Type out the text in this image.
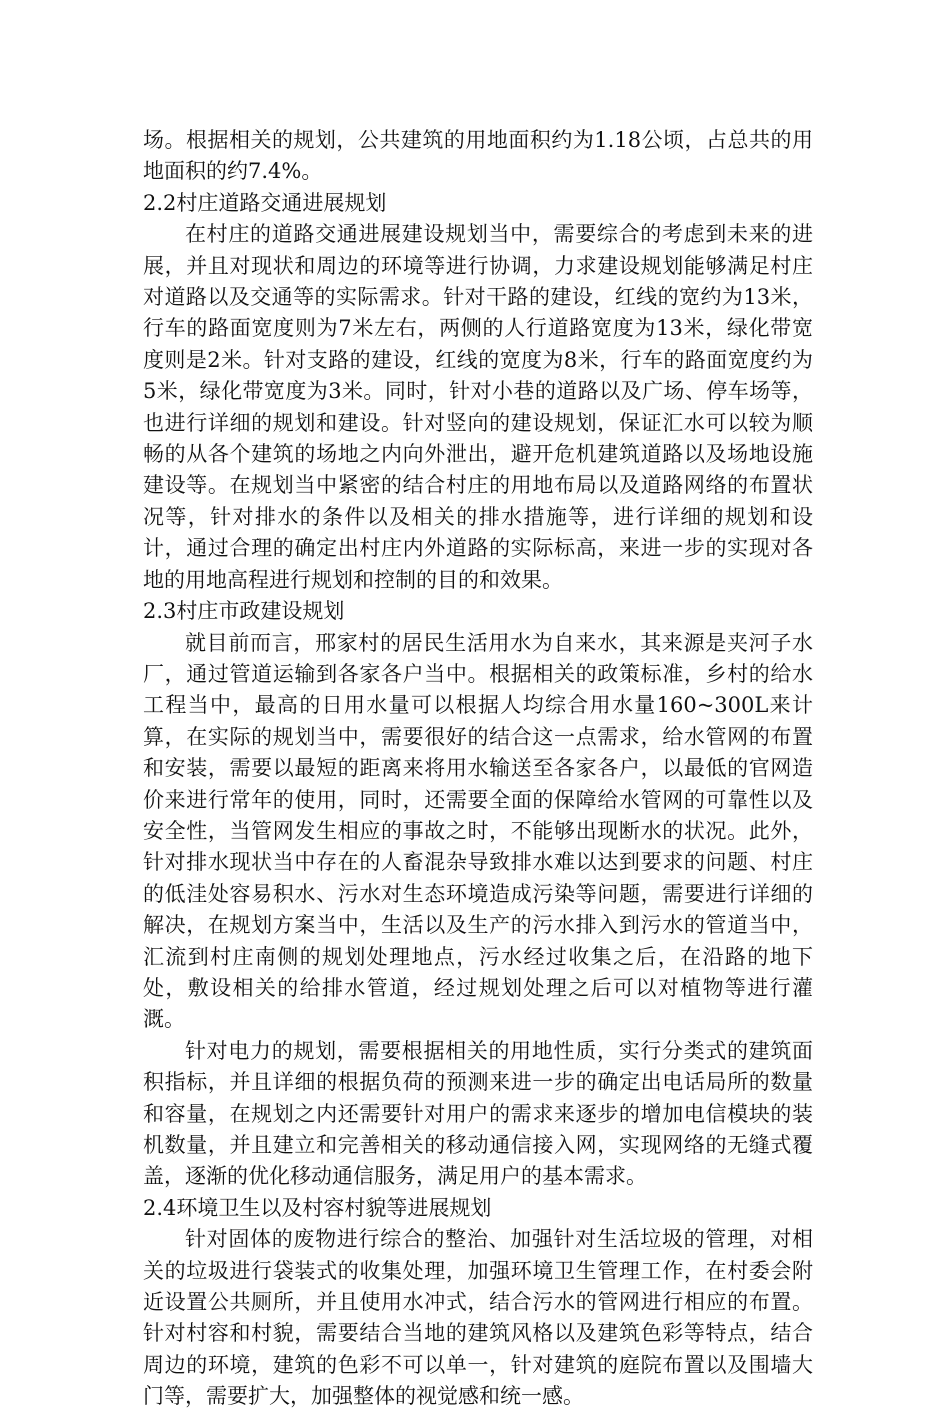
场。根据相关的规划，公共建筑的用地面积约为1.18公顷，占总共的用地面积的约7.4%。

2.2村庄道路交通进展规划

在村庄的道路交通进展建设规划当中，需要综合的考虑到未来的进展，并且对现状和周边的环境等进行协调，力求建设规划能够满足村庄对道路以及交通等的实际需求。针对干路的建设，红线的宽约为13米，行车的路面宽度则为7米左右，两侧的人行道路宽度为13米，绿化带宽度则是2米。针对支路的建设，红线的宽度为8米，行车的路面宽度约为5米，绿化带宽度为3米。同时，针对小巷的道路以及广场、停车场等，也进行详细的规划和建设。针对竖向的建设规划，保证汇水可以较为顺畅的从各个建筑的场地之内向外泄出，避开危机建筑道路以及场地设施建设等。在规划当中紧密的结合村庄的用地布局以及道路网络的布置状况等，针对排水的条件以及相关的排水措施等，进行详细的规划和设计，通过合理的确定出村庄内外道路的实际标高，来进一步的实现对各地的用地高程进行规划和控制的目的和效果。

2.3村庄市政建设规划

就目前而言，邢家村的居民生活用水为自来水，其来源是夹河子水厂，通过管道运输到各家各户当中。根据相关的政策标准，乡村的给水工程当中，最高的日用水量可以根据人均综合用水量160~300L来计算，在实际的规划当中，需要很好的结合这一点需求，给水管网的布置和安装，需要以最短的距离来将用水输送至各家各户，以最低的官网造价来进行常年的使用，同时，还需要全面的保障给水管网的可靠性以及安全性，当管网发生相应的事故之时，不能够出现断水的状况。此外，针对排水现状当中存在的人畜混杂导致排水难以达到要求的问题、村庄的低洼处容易积水、污水对生态环境造成污染等问题，需要进行详细的解决，在规划方案当中，生活以及生产的污水排入到污水的管道当中，汇流到村庄南侧的规划处理地点，污水经过收集之后，在沿路的地下处，敷设相关的给排水管道，经过规划处理之后可以对植物等进行灌溉。

针对电力的规划，需要根据相关的用地性质，实行分类式的建筑面积指标，并且详细的根据负荷的预测来进一步的确定出电话局所的数量和容量，在规划之内还需要针对用户的需求来逐步的增加电信模块的装机数量，并且建立和完善相关的移动通信接入网，实现网络的无缝式覆盖，逐渐的优化移动通信服务，满足用户的基本需求。

2.4环境卫生以及村容村貌等进展规划

针对固体的废物进行综合的整治、加强针对生活垃圾的管理，对相关的垃圾进行袋装式的收集处理，加强环境卫生管理工作，在村委会附近设置公共厕所，并且使用水冲式，结合污水的管网进行相应的布置。针对村容和村貌，需要结合当地的建筑风格以及建筑色彩等特点，结合周边的环境，建筑的色彩不可以单一，针对建筑的庭院布置以及围墙大门等，需要扩大，加强整体的视觉感和统一感。
